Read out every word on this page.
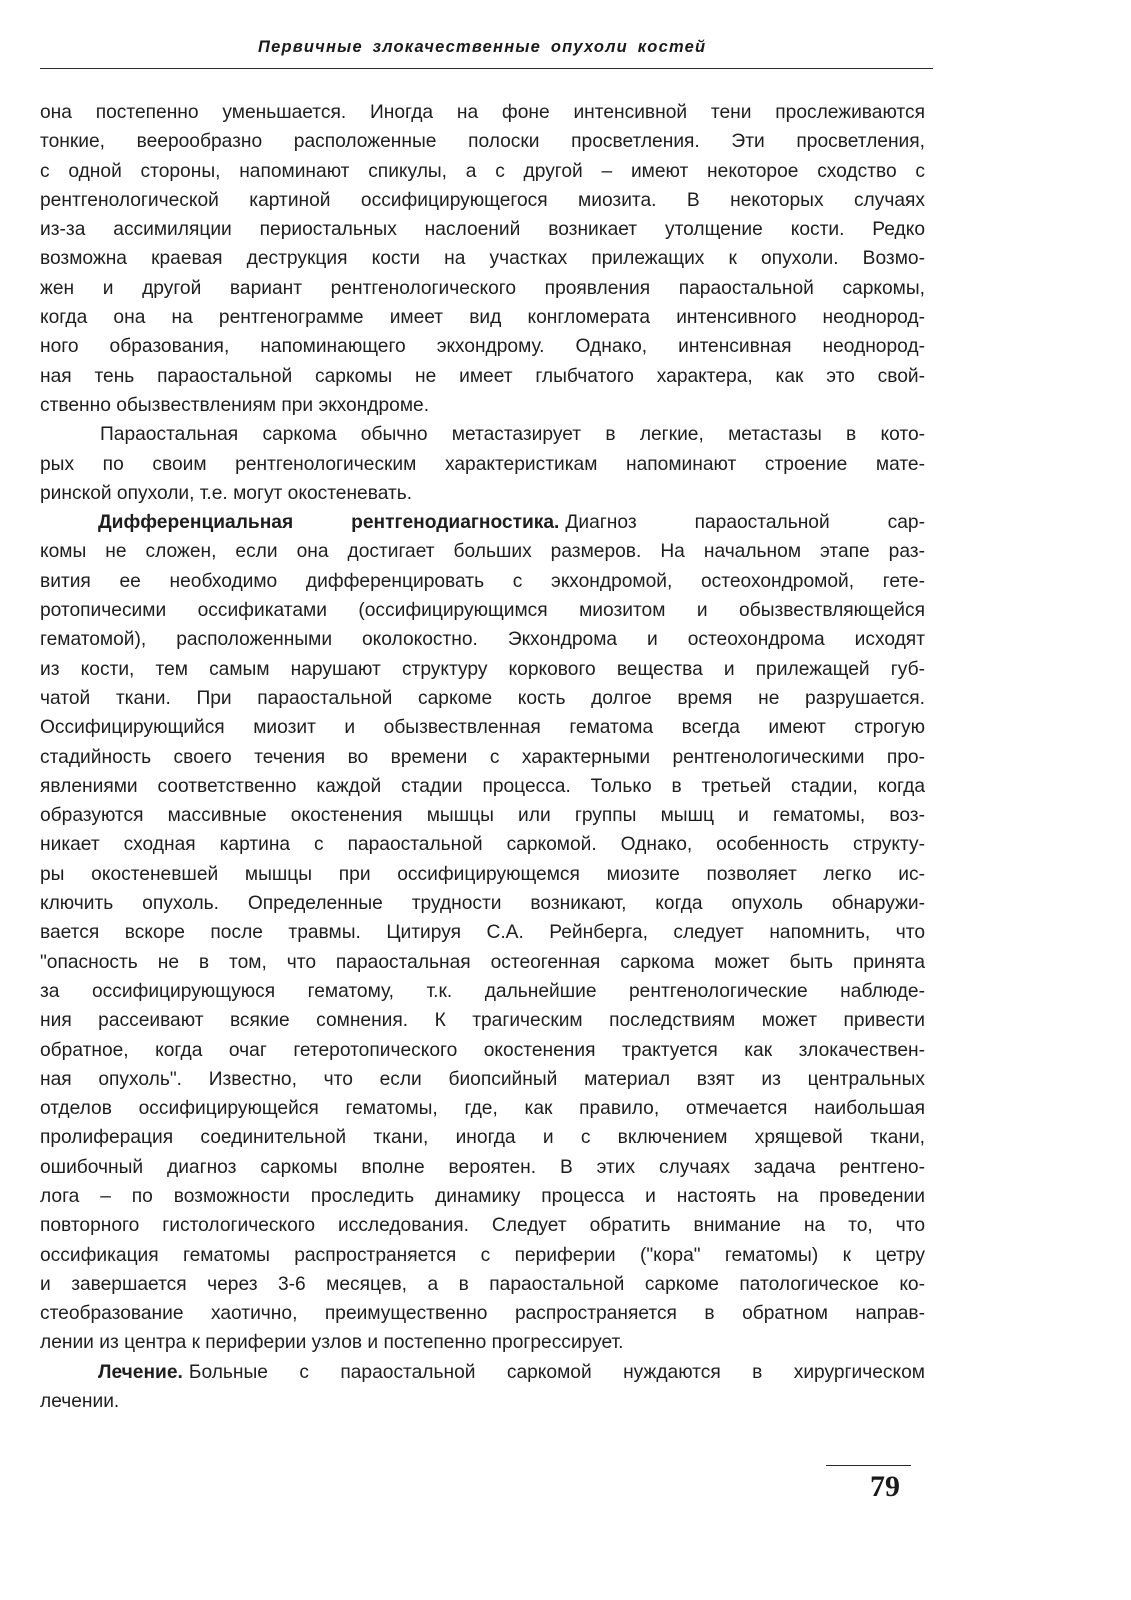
Первичные злокачественные опухоли костей
она постепенно уменьшается. Иногда на фоне интенсивной тени прослеживаются
тонкие, веерообразно расположенные полоски просветления. Эти просветления,
с одной стороны, напоминают спикулы, а с другой – имеют некоторое сходство с
рентгенологической картиной оссифицирующегося миозита. В некоторых случаях
из-за ассимиляции периостальных наслоений возникает утолщение кости. Редко
возможна краевая деструкция кости на участках прилежащих к опухоли. Возмо-
жен и другой вариант рентгенологического проявления параостальной саркомы,
когда она на рентгенограмме имеет вид конгломерата интенсивного неоднород-
ного образования, напоминающего экхондрому. Однако, интенсивная неоднород-
ная тень параостальной саркомы не имеет глыбчатого характера, как это свой-
ственно обызвествлениям при экхондроме.
Параостальная саркома обычно метастазирует в легкие, метастазы в кото-
рых по своим рентгенологическим характеристикам напоминают строение мате-
ринской опухоли, т.е. могут окостеневать.
Дифференциальная рентгенодиагностика. Диагноз параостальной сар-
комы не сложен, если она достигает больших размеров. На начальном этапе раз-
вития ее необходимо дифференцировать с экхондромой, остеохондромой, гете-
ротопичесими оссификатами (оссифицирующимся миозитом и обызвествляющейся
гематомой), расположенными околокостно. Экхондрома и остеохондрома исходят
из кости, тем самым нарушают структуру коркового вещества и прилежащей губ-
чатой ткани. При параостальной саркоме кость долгое время не разрушается.
Оссифицирующийся миозит и обызвествленная гематома всегда имеют строгую
стадийность своего течения во времени с характерными рентгенологическими про-
явлениями соответственно каждой стадии процесса. Только в третьей стадии, когда
образуются массивные окостенения мышцы или группы мышц и гематомы, воз-
никает сходная картина с параостальной саркомой. Однако, особенность структу-
ры окостеневшей мышцы при оссифицирующемся миозите позволяет легко ис-
ключить опухоль. Определенные трудности возникают, когда опухоль обнаружи-
вается вскоре после травмы. Цитируя С.А. Рейнберга, следует напомнить, что
"опасность не в том, что параостальная остеогенная саркома может быть принята
за оссифицирующуюся гематому, т.к. дальнейшие рентгенологические наблюде-
ния рассеивают всякие сомнения. К трагическим последствиям может привести
обратное, когда очаг гетеротопического окостенения трактуется как злокачествен-
ная опухоль". Известно, что если биопсийный материал взят из центральных
отделов оссифицирующейся гематомы, где, как правило, отмечается наибольшая
пролиферация соединительной ткани, иногда и с включением хрящевой ткани,
ошибочный диагноз саркомы вполне вероятен. В этих случаях задача рентгено-
лога – по возможности проследить динамику процесса и настоять на проведении
повторного гистологического исследования. Следует обратить внимание на то, что
оссификация гематомы распространяется с периферии ("кора" гематомы) к цетру
и завершается через 3-6 месяцев, а в параостальной саркоме патологическое ко-
стеобразование хаотично, преимущественно распространяется в обратном направ-
лении из центра к периферии узлов и постепенно прогрессирует.
Лечение. Больные с параостальной саркомой нуждаются в хирургическом
лечении.
79
